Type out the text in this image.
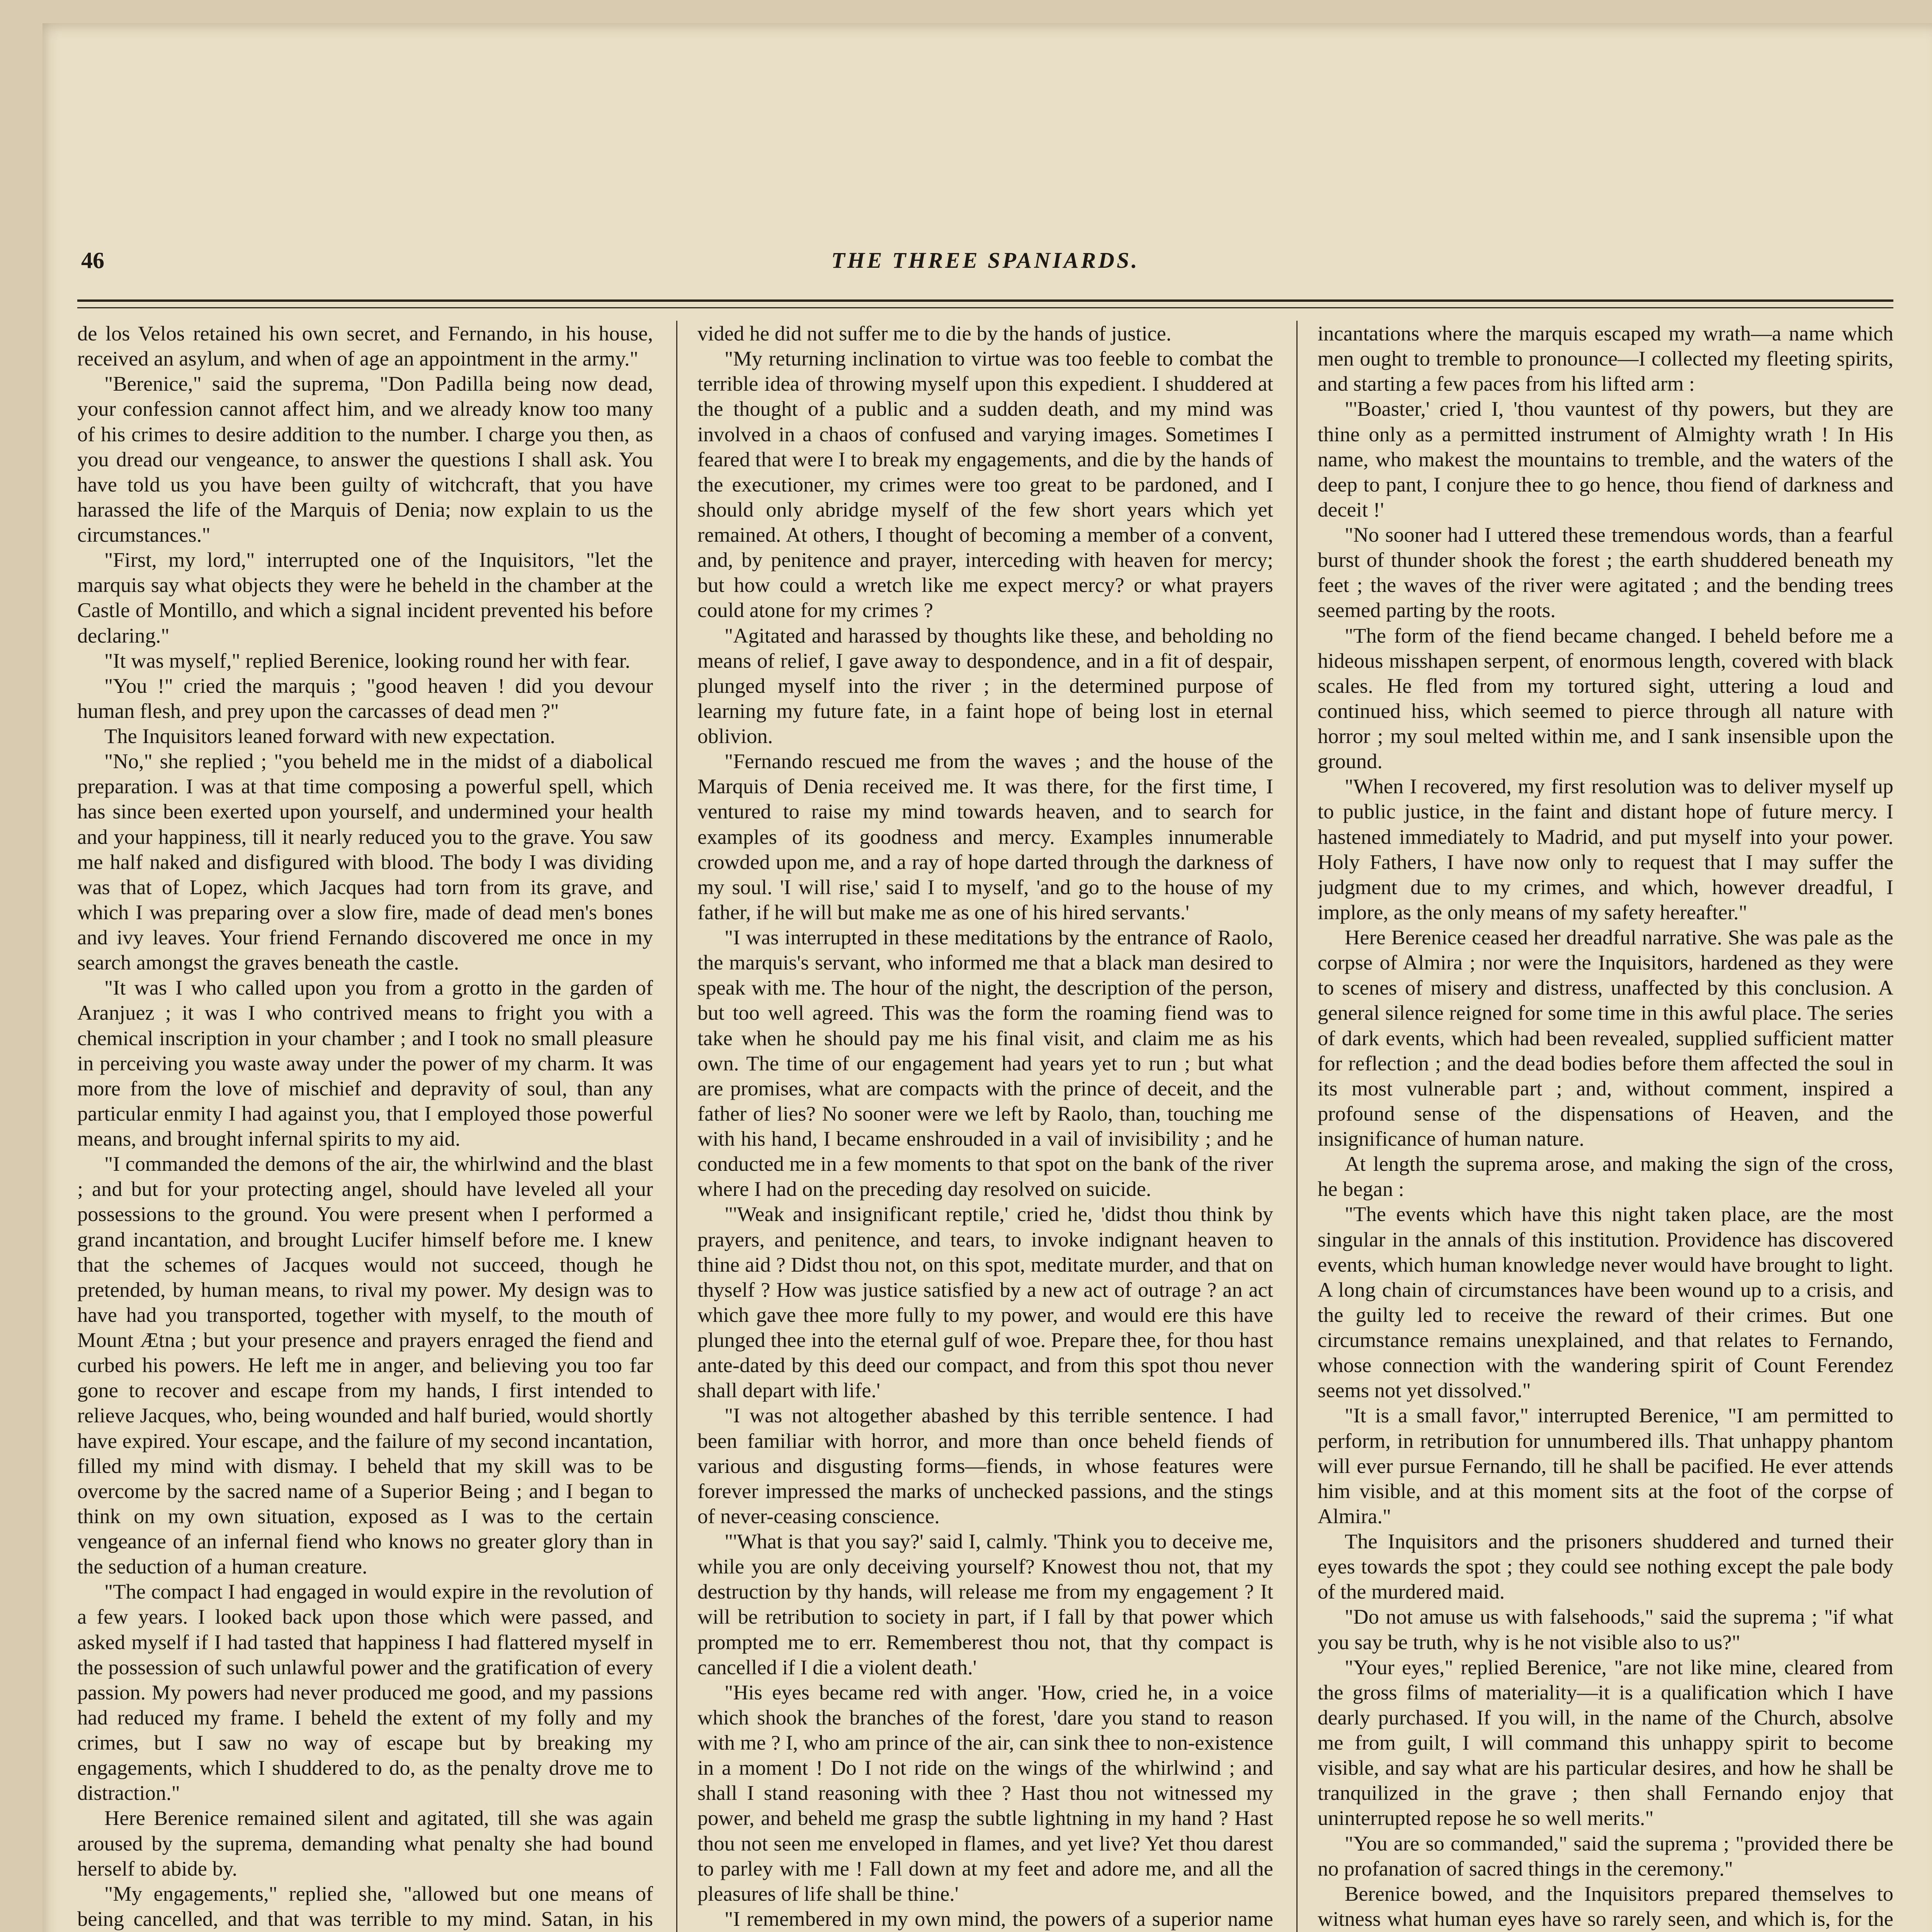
46	THE THREE SPANIARDS.

de los Velos retained his own secret, and Fernando, in his house, received an asylum, and when of age an appointment in the army."

"Berenice," said the suprema, "Don Padilla being now dead, your confession cannot affect him, and we already know too many of his crimes to desire addition to the number. I charge you then, as you dread our vengeance, to answer the questions I shall ask. You have told us you have been guilty of witchcraft, that you have harassed the life of the Marquis of Denia; now explain to us the circumstances."

"First, my lord," interrupted one of the Inquisitors, "let the marquis say what objects they were he beheld in the chamber at the Castle of Montillo, and which a signal incident prevented his before declaring."

"It was myself," replied Berenice, looking round her with fear.

"You !" cried the marquis ; "good heaven ! did you devour human flesh, and prey upon the carcasses of dead men ?"

The Inquisitors leaned forward with new expectation.

"No," she replied ; "you beheld me in the midst of a diabolical preparation. I was at that time composing a powerful spell, which has since been exerted upon yourself, and undermined your health and your happiness, till it nearly reduced you to the grave. You saw me half naked and disfigured with blood. The body I was dividing was that of Lopez, which Jacques had torn from its grave, and which I was preparing over a slow fire, made of dead men's bones and ivy leaves. Your friend Fernando discovered me once in my search amongst the graves beneath the castle.

"It was I who called upon you from a grotto in the garden of Aranjuez ; it was I who contrived means to fright you with a chemical inscription in your chamber ; and I took no small pleasure in perceiving you waste away under the power of my charm. It was more from the love of mischief and depravity of soul, than any particular enmity I had against you, that I employed those powerful means, and brought infernal spirits to my aid.

"I commanded the demons of the air, the whirlwind and the blast ; and but for your protecting angel, should have leveled all your possessions to the ground. You were present when I performed a grand incantation, and brought Lucifer himself before me. I knew that the schemes of Jacques would not succeed, though he pretended, by human means, to rival my power. My design was to have had you transported, together with myself, to the mouth of Mount Ætna ; but your presence and prayers enraged the fiend and curbed his powers. He left me in anger, and believing you too far gone to recover and escape from my hands, I first intended to relieve Jacques, who, being wounded and half buried, would shortly have expired. Your escape, and the failure of my second incantation, filled my mind with dismay. I beheld that my skill was to be overcome by the sacred name of a Superior Being ; and I began to think on my own situation, exposed as I was to the certain vengeance of an infernal fiend who knows no greater glory than in the seduction of a human creature.

"The compact I had engaged in would expire in the revolution of a few years. I looked back upon those which were passed, and asked myself if I had tasted that happiness I had flattered myself in the possession of such unlawful power and the gratification of every passion. My powers had never produced me good, and my passions had reduced my frame. I beheld the extent of my folly and my crimes, but I saw no way of escape but by breaking my engagements, which I shuddered to do, as the penalty drove me to distraction."

Here Berenice remained silent and agitated, till she was again aroused by the suprema, demanding what penalty she had bound herself to abide by.

"My engagements," replied she, "allowed but one means of being cancelled, and that was terrible to my mind. Satan, in his

vided he did not suffer me to die by the hands of justice.

"My returning inclination to virtue was too feeble to combat the terrible idea of throwing myself upon this expedient. I shuddered at the thought of a public and a sudden death, and my mind was involved in a chaos of confused and varying images. Sometimes I feared that were I to break my engagements, and die by the hands of the executioner, my crimes were too great to be pardoned, and I should only abridge myself of the few short years which yet remained. At others, I thought of becoming a member of a convent, and, by penitence and prayer, interceding with heaven for mercy; but how could a wretch like me expect mercy? or what prayers could atone for my crimes ?

"Agitated and harassed by thoughts like these, and beholding no means of relief, I gave away to despondence, and in a fit of despair, plunged myself into the river ; in the determined purpose of learning my future fate, in a faint hope of being lost in eternal oblivion.

"Fernando rescued me from the waves ; and the house of the Marquis of Denia received me. It was there, for the first time, I ventured to raise my mind towards heaven, and to search for examples of its goodness and mercy. Examples innumerable crowded upon me, and a ray of hope darted through the darkness of my soul. 'I will rise,' said I to myself, 'and go to the house of my father, if he will but make me as one of his hired servants.'

"I was interrupted in these meditations by the entrance of Raolo, the marquis's servant, who informed me that a black man desired to speak with me. The hour of the night, the description of the person, but too well agreed. This was the form the roaming fiend was to take when he should pay me his final visit, and claim me as his own. The time of our engagement had years yet to run ; but what are promises, what are compacts with the prince of deceit, and the father of lies? No sooner were we left by Raolo, than, touching me with his hand, I became enshrouded in a vail of invisibility ; and he conducted me in a few moments to that spot on the bank of the river where I had on the preceding day resolved on suicide.

"'Weak and insignificant reptile,' cried he, 'didst thou think by prayers, and penitence, and tears, to invoke indignant heaven to thine aid ? Didst thou not, on this spot, meditate murder, and that on thyself ? How was justice satisfied by a new act of outrage ? an act which gave thee more fully to my power, and would ere this have plunged thee into the eternal gulf of woe. Prepare thee, for thou hast ante-dated by this deed our compact, and from this spot thou never shall depart with life.'

"I was not altogether abashed by this terrible sentence. I had been familiar with horror, and more than once beheld fiends of various and disgusting forms—fiends, in whose features were forever impressed the marks of unchecked passions, and the stings of never-ceasing conscience.

"'What is that you say?' said I, calmly. 'Think you to deceive me, while you are only deceiving yourself? Knowest thou not, that my destruction by thy hands, will release me from my engagement ? It will be retribution to society in part, if I fall by that power which prompted me to err. Rememberest thou not, that thy compact is cancelled if I die a violent death.'

"His eyes became red with anger. 'How, cried he, in a voice which shook the branches of the forest, 'dare you stand to reason with me ? I, who am prince of the air, can sink thee to non-existence in a moment ! Do I not ride on the wings of the whirlwind ; and shall I stand reasoning with thee ? Hast thou not witnessed my power, and beheld me grasp the subtle lightning in my hand ? Hast thou not seen me enveloped in flames, and yet live? Yet thou darest to parley with me ! Fall down at my feet and adore me, and all the pleasures of life shall be thine.'

"I remembered in my own mind, the powers of a superior name

incantations where the marquis escaped my wrath—a name which men ought to tremble to pronounce—I collected my fleeting spirits, and starting a few paces from his lifted arm :

"'Boaster,' cried I, 'thou vauntest of thy powers, but they are thine only as a permitted instrument of Almighty wrath ! In His name, who makest the mountains to tremble, and the waters of the deep to pant, I conjure thee to go hence, thou fiend of darkness and deceit !'

"No sooner had I uttered these tremendous words, than a fearful burst of thunder shook the forest ; the earth shuddered beneath my feet ; the waves of the river were agitated ; and the bending trees seemed parting by the roots.

"The form of the fiend became changed. I beheld before me a hideous misshapen serpent, of enormous length, covered with black scales. He fled from my tortured sight, uttering a loud and continued hiss, which seemed to pierce through all nature with horror ; my soul melted within me, and I sank insensible upon the ground.

"When I recovered, my first resolution was to deliver myself up to public justice, in the faint and distant hope of future mercy. I hastened immediately to Madrid, and put myself into your power. Holy Fathers, I have now only to request that I may suffer the judgment due to my crimes, and which, however dreadful, I implore, as the only means of my safety hereafter."

Here Berenice ceased her dreadful narrative. She was pale as the corpse of Almira ; nor were the Inquisitors, hardened as they were to scenes of misery and distress, unaffected by this conclusion. A general silence reigned for some time in this awful place. The series of dark events, which had been revealed, supplied sufficient matter for reflection ; and the dead bodies before them affected the soul in its most vulnerable part ; and, without comment, inspired a profound sense of the dispensations of Heaven, and the insignificance of human nature.

At length the suprema arose, and making the sign of the cross, he began :

"The events which have this night taken place, are the most singular in the annals of this institution. Providence has discovered events, which human knowledge never would have brought to light. A long chain of circumstances have been wound up to a crisis, and the guilty led to receive the reward of their crimes. But one circumstance remains unexplained, and that relates to Fernando, whose connection with the wandering spirit of Count Ferendez seems not yet dissolved."

"It is a small favor," interrupted Berenice, "I am permitted to perform, in retribution for unnumbered ills. That unhappy phantom will ever pursue Fernando, till he shall be pacified. He ever attends him visible, and at this moment sits at the foot of the corpse of Almira."

The Inquisitors and the prisoners shuddered and turned their eyes towards the spot ; they could see nothing except the pale body of the murdered maid.

"Do not amuse us with falsehoods," said the suprema ; "if what you say be truth, why is he not visible also to us?"

"Your eyes," replied Berenice, "are not like mine, cleared from the gross films of materiality—it is a qualification which I have dearly purchased. If you will, in the name of the Church, absolve me from guilt, I will command this unhappy spirit to become visible, and say what are his particular desires, and how he shall be tranquilized in the grave ; then shall Fernando enjoy that uninterrupted repose he so well merits."

"You are so commanded," said the suprema ; "provided there be no profanation of sacred things in the ceremony."

Berenice bowed, and the Inquisitors prepared themselves to witness what human eyes have so rarely seen, and which is, for the
